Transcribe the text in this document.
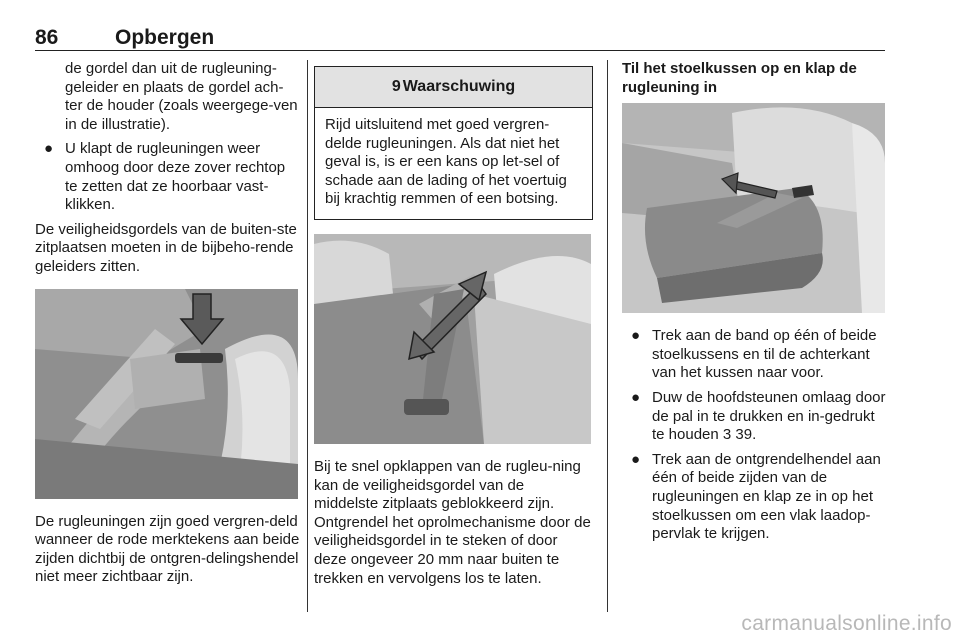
86	Opbergen

de gordel dan uit de rugleuning-geleider en plaats de gordel ach-ter de houder (zoals weergege-ven in de illustratie).

● U klapt de rugleuningen weer omhoog door deze zover rechtop te zetten dat ze hoorbaar vast-klikken.

De veiligheidsgordels van de buiten-ste zitplaatsen moeten in de bijbeho-rende geleiders zitten.

De rugleuningen zijn goed vergren-deld wanneer de rode merktekens aan beide zijden dichtbij de ontgren-delingshendel niet meer zichtbaar zijn.

9 Waarschuwing
Rijd uitsluitend met goed vergren-delde rugleuningen. Als dat niet het geval is, is er een kans op let-sel of schade aan de lading of het voertuig bij krachtig remmen of een botsing.

Bij te snel opklappen van de rugleu-ning kan de veiligheidsgordel van de middelste zitplaats geblokkeerd zijn. Ontgrendel het oprolmechanisme door de veiligheidsgordel in te steken of door deze ongeveer 20 mm naar buiten te trekken en vervolgens los te laten.

Til het stoelkussen op en klap de rugleuning in

● Trek aan de band op één of beide stoelkussens en til de achterkant van het kussen naar voor.
● Duw de hoofdsteunen omlaag door de pal in te drukken en in-gedrukt te houden 3 39.
● Trek aan de ontgrendelhendel aan één of beide zijden van de rugleuningen en klap ze in op het stoelkussen om een vlak laadop-pervlak te krijgen.
carmanualsonline.info
